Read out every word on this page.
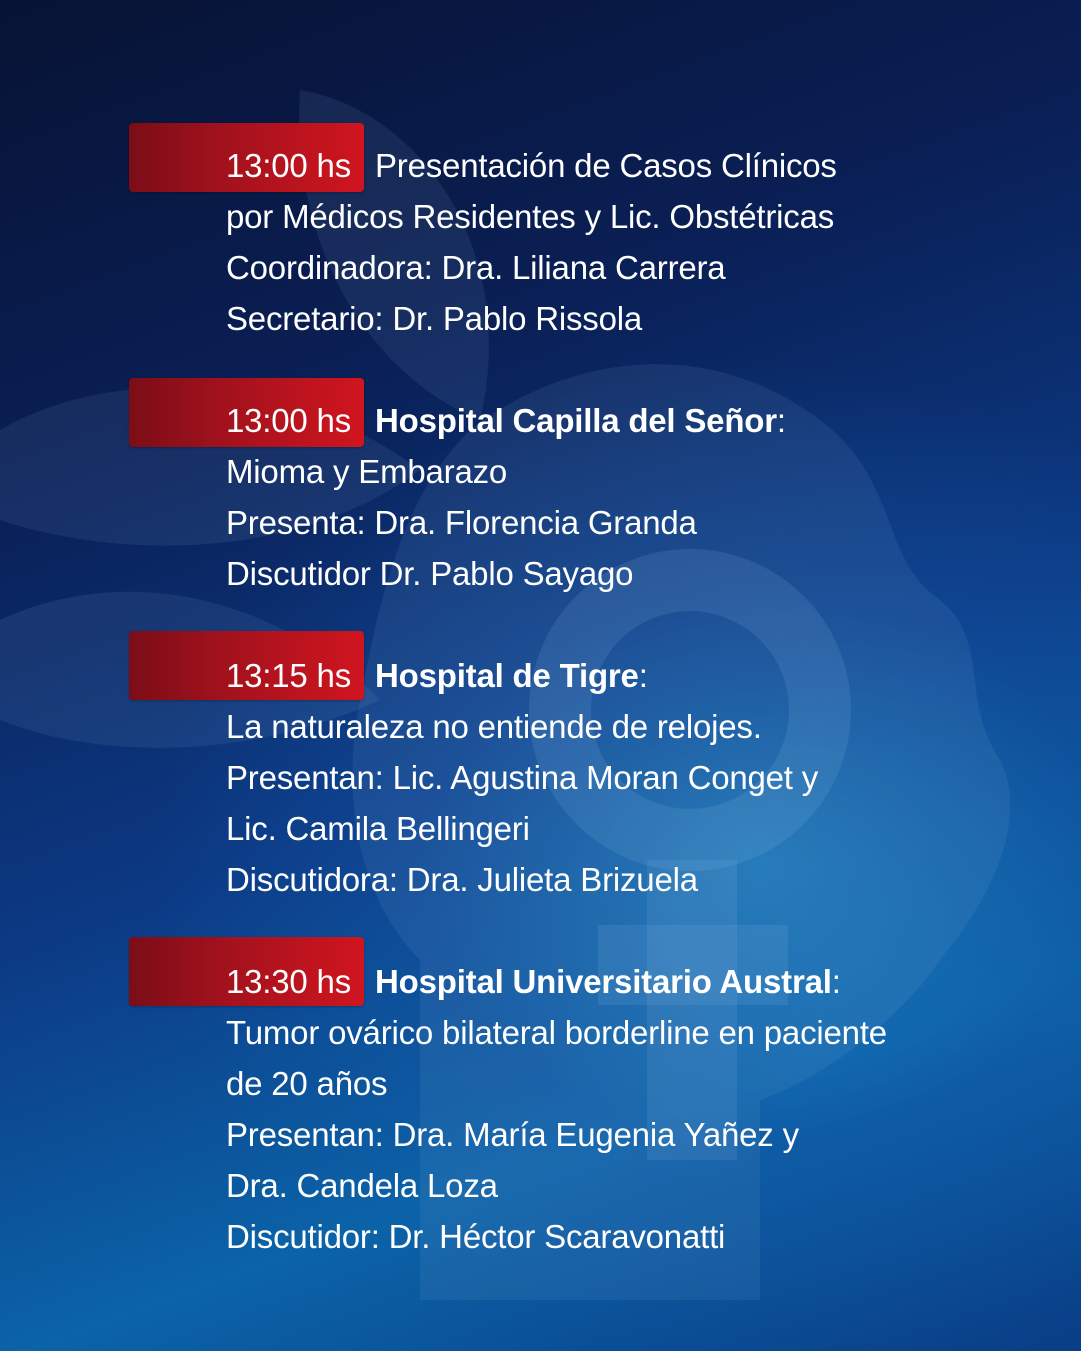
13:00 hs Presentación de Casos Clínicos
por Médicos Residentes y Lic. Obstétricas
Coordinadora: Dra. Liliana Carrera
Secretario: Dr. Pablo Rissola
13:00 hs Hospital Capilla del Señor:
Mioma y Embarazo
Presenta: Dra. Florencia Granda
Discutidor Dr. Pablo Sayago
13:15 hs Hospital de Tigre:
La naturaleza no entiende de relojes.
Presentan: Lic. Agustina Moran Conget y
Lic. Camila Bellingeri
Discutidora: Dra. Julieta Brizuela
13:30 hs Hospital Universitario Austral:
Tumor ovárico bilateral borderline en paciente
de 20 años
Presentan: Dra. María Eugenia Yañez y
Dra. Candela Loza
Discutidor: Dr. Héctor Scaravonatti
